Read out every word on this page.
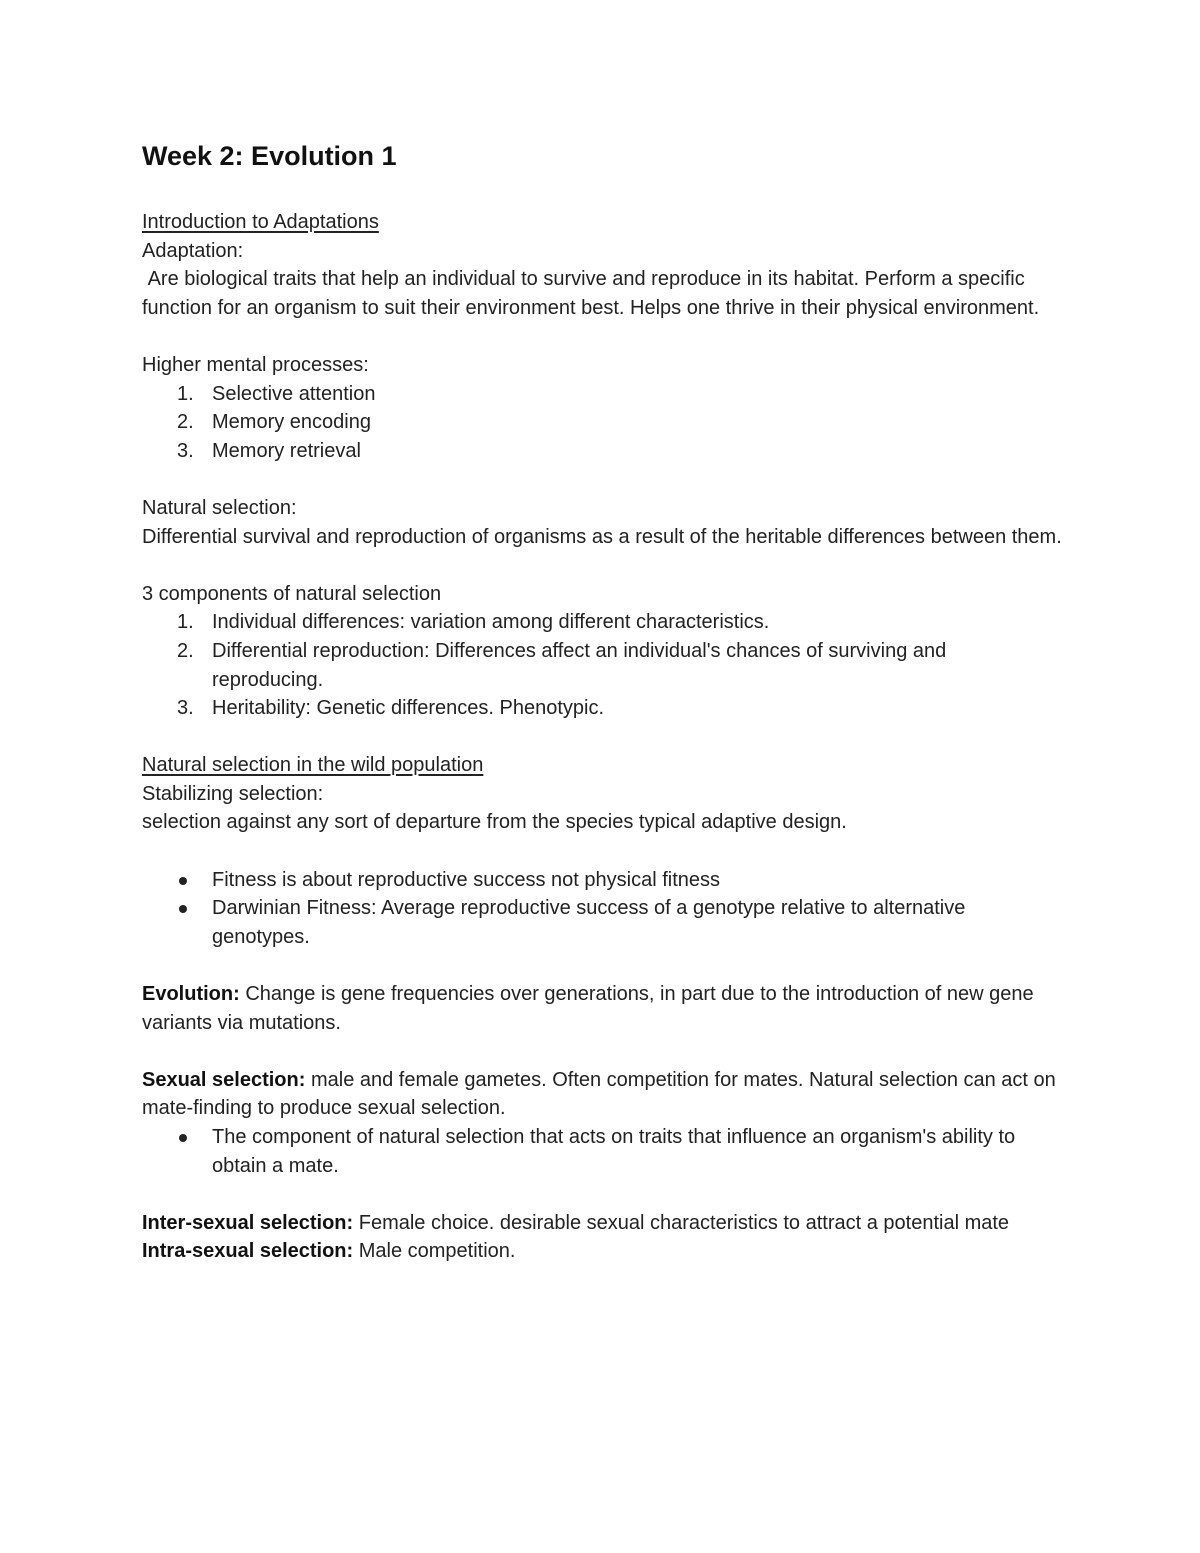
Week 2: Evolution 1

Introduction to Adaptations

Adaptation:

Are biological traits that help an individual to survive and reproduce in its habitat. Perform a specific function for an organism to suit their environment best. Helps one thrive in their physical environment.

Higher mental processes:

1. Selective attention
2. Memory encoding
3. Memory retrieval

Natural selection:

Differential survival and reproduction of organisms as a result of the heritable differences between them.

3 components of natural selection

1. Individual differences: variation among different characteristics.
2. Differential reproduction: Differences affect an individual's chances of surviving and reproducing.
3. Heritability: Genetic differences. Phenotypic.

Natural selection in the wild population

Stabilizing selection:

selection against any sort of departure from the species typical adaptive design.

Fitness is about reproductive success not physical fitness
Darwinian Fitness: Average reproductive success of a genotype relative to alternative genotypes.

Evolution: Change is gene frequencies over generations, in part due to the introduction of new gene variants via mutations.

Sexual selection: male and female gametes. Often competition for mates. Natural selection can act on mate-finding to produce sexual selection.

The component of natural selection that acts on traits that influence an organism's ability to obtain a mate.

Inter-sexual selection: Female choice. desirable sexual characteristics to attract a potential mate

Intra-sexual selection: Male competition.
